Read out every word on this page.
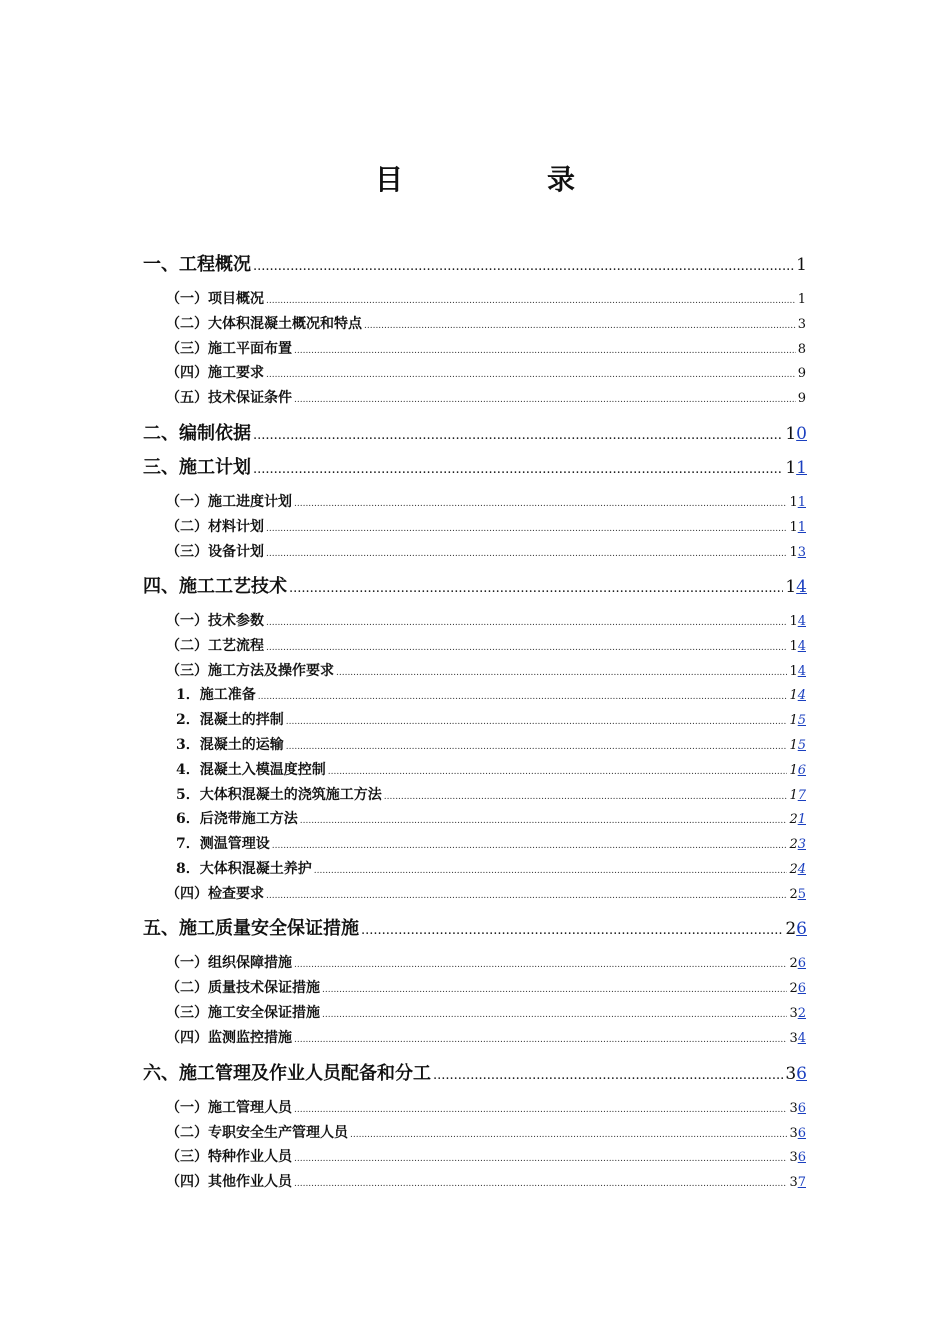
目　录
一、工程概况 .....	1
（一）项目概况 .....	1
（二）大体积混凝土概况和特点 .....	3
（三）施工平面布置 .....	8
（四）施工要求 .....	9
（五）技术保证条件 .....	9
二、编制依据 .....	10
三、施工计划 .....	11
（一）施工进度计划 .....	11
（二）材料计划 .....	11
（三）设备计划 .....	13
四、施工工艺技术 .....	14
（一）技术参数 .....	14
（二）工艺流程 .....	14
（三）施工方法及操作要求 .....	14
1．施工准备 .....	14
2．混凝土的拌制 .....	15
3．混凝土的运输 .....	15
4．混凝土入模温度控制 .....	16
5．大体积混凝土的浇筑施工方法 .....	17
6．后浇带施工方法 .....	21
7．测温管理设 .....	23
8．大体积混凝土养护 .....	24
（四）检查要求 .....	25
五、施工质量安全保证措施 .....	26
（一）组织保障措施 .....	26
（二）质量技术保证措施 .....	26
（三）施工安全保证措施 .....	32
（四）监测监控措施 .....	34
六、施工管理及作业人员配备和分工 .....	36
（一）施工管理人员 .....	36
（二）专职安全生产管理人员 .....	36
（三）特种作业人员 .....	36
（四）其他作业人员 .....	37
